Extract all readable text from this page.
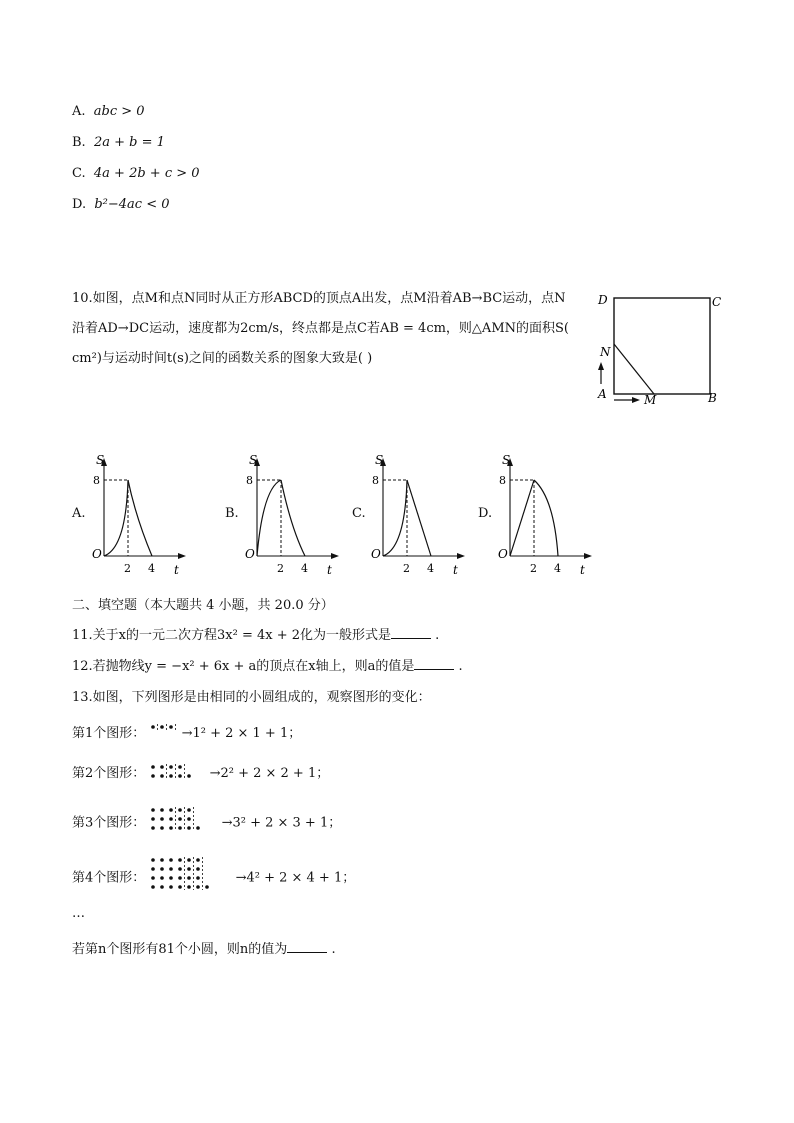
A. abc > 0
B. 2a + b = 1
C. 4a + 2b + c > 0
D. b²−4ac < 0
10.如图，点M和点N同时从正方形ABCD的顶点A出发，点M沿着AB→BC运动，点N
沿着AD→DC运动，速度都为2cm/s，终点都是点C若AB = 4cm，则△AMN的面积S(
cm²)与运动时间t(s)之间的函数关系的图象大致是( )
D	C
N
A	M	B
A.	B.	C.	D.
S
8
O
2 4 t
S
8
O
2 4 t
S
8
O
2 4 t
S
8
O
2 4 t
二、填空题（本大题共 4 小题，共 20.0 分）
11.关于x的一元二次方程3x² = 4x + 2化为一般形式是	.
12.若抛物线y = −x² + 6x + a的顶点在x轴上，则a的值是	.
13.如图，下列图形是由相同的小圆组成的，观察图形的变化：
第1个图形：	→1² + 2 × 1 + 1；
第2个图形：	→2² + 2 × 2 + 1；
第3个图形：	→3² + 2 × 3 + 1；
第4个图形：	→4² + 2 × 4 + 1；
…
若第n个图形有81个小圆，则n的值为	.
